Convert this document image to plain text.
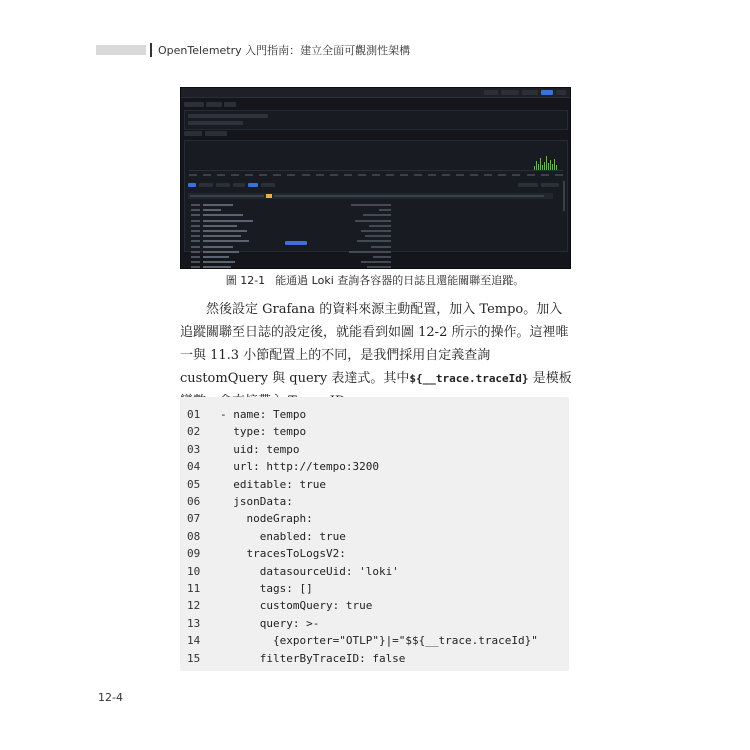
OpenTelemetry 入門指南：建立全面可觀測性架構
圖 12-1 能通過 Loki 查詢各容器的日誌且還能關聯至追蹤。

然後設定 Grafana 的資料來源主動配置，加入 Tempo。加入追蹤關聯至日誌的設定後，就能看到如圖 12-2 所示的操作。這裡唯一與 11.3 小節配置上的不同，是我們採用自定義查詢 customQuery 與 query 表達式。其中${__trace.traceId} 是模板

01 - name: Tempo
02  type: tempo
03  uid: tempo
04  url: http://tempo:3200
05  editable: true
06  jsonData:
07    nodeGraph:
08      enabled: true
09    tracesToLogsV2:
10      datasourceUid: 'loki'
11      tags: []
12      customQuery: true
13      query: >-
14        {exporter="OTLP"}|="$${__trace.traceId}"
15      filterByTraceID: false
12-4
